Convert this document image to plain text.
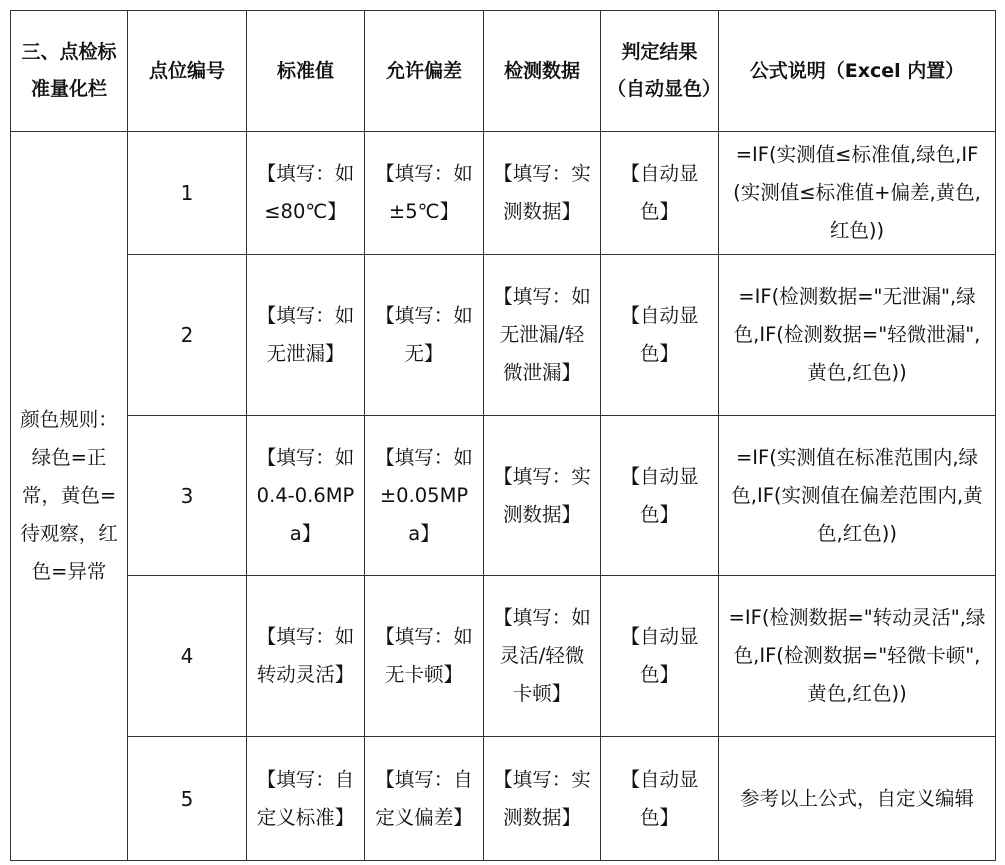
三、点检标准量化栏	点位编号	标准值	允许偏差	检测数据	判定结果（自动显色）	公式说明（Excel 内置）
颜色规则：绿色=正常，黄色=待观察，红色=异常	1	【填写：如≤80℃】	【填写：如±5℃】	【填写：实测数据】	【自动显色】	=IF(实测值≤标准值,绿色,IF(实测值≤标准值+偏差,黄色,红色))
	2	【填写：如无泄漏】	【填写：如无】	【填写：如无泄漏/轻微泄漏】	【自动显色】	=IF(检测数据="无泄漏",绿色,IF(检测数据="轻微泄漏",黄色,红色))
	3	【填写：如 0.4-0.6MPa】	【填写：如±0.05MPa】	【填写：实测数据】	【自动显色】	=IF(实测值在标准范围内,绿色,IF(实测值在偏差范围内,黄色,红色))
	4	【填写：如转动灵活】	【填写：如无卡顿】	【填写：如灵活/轻微卡顿】	【自动显色】	=IF(检测数据="转动灵活",绿色,IF(检测数据="轻微卡顿",黄色,红色))
	5	【填写：自定义标准】	【填写：自定义偏差】	【填写：实测数据】	【自动显色】	参考以上公式，自定义编辑
